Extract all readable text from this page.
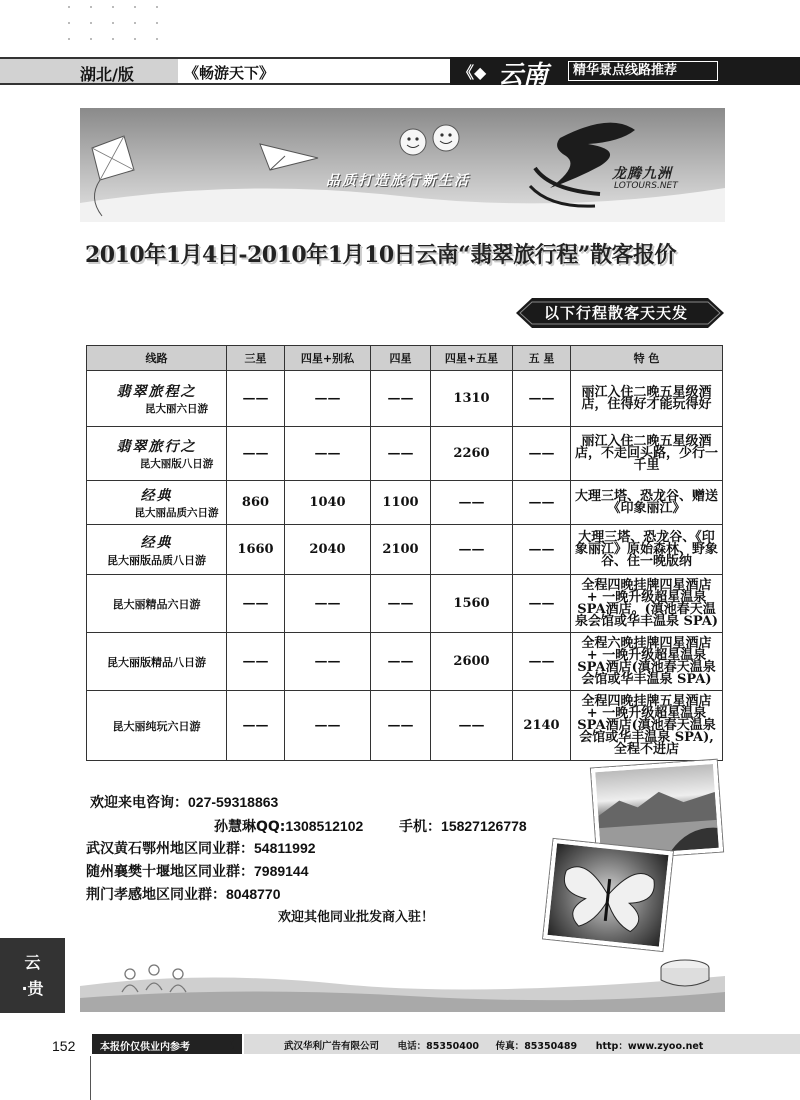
湖北/版	《畅游天下》	《◆ 云南	精华景点线路推荐
品质打造旅行新生活	龙腾九洲
LOTOURS.NET
2010年1月4日-2010年1月10日云南“翡翠旅行程”散客报价
以下行程散客天天发
线路	三星	四星+别私	四星	四星+五星	五 星	特 色

翡翠旅程之
昆大丽六日游	——	——	——	1310	——	丽江入住二晚五星级酒店，住得好才能玩得好

翡翠旅行之
昆大丽版八日游	——	——	——	2260	——	丽江入住二晚五星级酒店，不走回头路，少行一千里

经典
昆大丽品质六日游	860	1040	1100	——	——	大理三塔、恐龙谷、赠送《印象丽江》

经典
昆大丽版品质八日游	1660	2040	2100	——	——	大理三塔、恐龙谷、《印象丽江》原始森林、野象谷、住一晚版纳

昆大丽精品六日游	——	——	——	1560	——	全程四晚挂牌四星酒店 + 一晚升级超星温泉SPA酒店。(滇池春天温泉会馆或华丰温泉 SPA)

昆大丽版精品八日游	——	——	——	2600	——	全程六晚挂牌四星酒店 + 一晚升级超星温泉SPA酒店(滇池春天温泉会馆或华丰温泉 SPA)

昆大丽纯玩六日游	——	——	——	——	2140	全程四晚挂牌五星酒店 + 一晚升级超星温泉SPA酒店(滇池春天温泉会馆或华丰温泉 SPA),全程不进店
欢迎来电咨询：027-59318863
孙慧琳QQ:1308512102	手机：15827126778
武汉黄石鄂州地区同业群：54811992
随州襄樊十堰地区同业群：7989144
荆门孝感地区同业群：8048770
欢迎其他同业批发商入驻！
云
·贵
152	本报价仅供业内参考	《	武汉华利广告有限公司 电话：85350400 传真：85350489 http：www.zyoo.net
